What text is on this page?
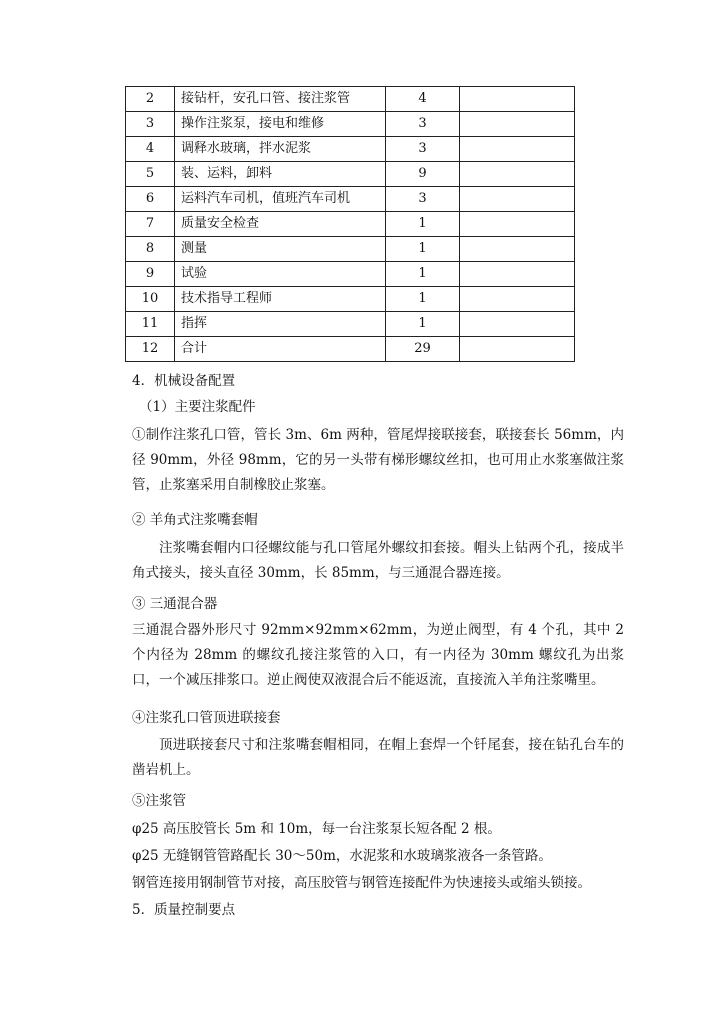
2	接钻杆，安孔口管、接注浆管	4	
3	操作注浆泵，接电和维修	3	
4	调释水玻璃，拌水泥浆	3	
5	装、运料，卸料	9	
6	运料汽车司机，值班汽车司机	3	
7	质量安全检查	1	
8	测量	1	
9	试验	1	
10	技术指导工程师	1	
11	指挥	1	
12	合计	29	
4．机械设备配置
（1）主要注浆配件
①制作注浆孔口管，管长 3m、6m 两种，管尾焊接联接套，联接套长 56mm，内径 90mm，外径 98mm，它的另一头带有梯形螺纹丝扣，也可用止水浆塞做注浆管，止浆塞采用自制橡胶止浆塞。
② 羊角式注浆嘴套帽
注浆嘴套帽内口径螺纹能与孔口管尾外螺纹扣套接。帽头上钻两个孔，接成半角式接头，接头直径 30mm，长 85mm，与三通混合器连接。
③ 三通混合器
三通混合器外形尺寸 92mm×92mm×62mm，为逆止阀型，有 4 个孔，其中 2 个内径为 28mm 的螺纹孔接注浆管的入口，有一内径为 30mm 螺纹孔为出浆口，一个减压排浆口。逆止阀使双液混合后不能返流，直接流入羊角注浆嘴里。
④注浆孔口管顶进联接套
顶进联接套尺寸和注浆嘴套帽相同，在帽上套焊一个钎尾套，接在钻孔台车的凿岩机上。
⑤注浆管
φ25 高压胶管长 5m 和 10m，每一台注浆泵长短各配 2 根。
φ25 无缝钢管管路配长 30～50m，水泥浆和水玻璃浆液各一条管路。
钢管连接用钢制管节对接，高压胶管与钢管连接配件为快速接头或缩头锁接。
5．质量控制要点
